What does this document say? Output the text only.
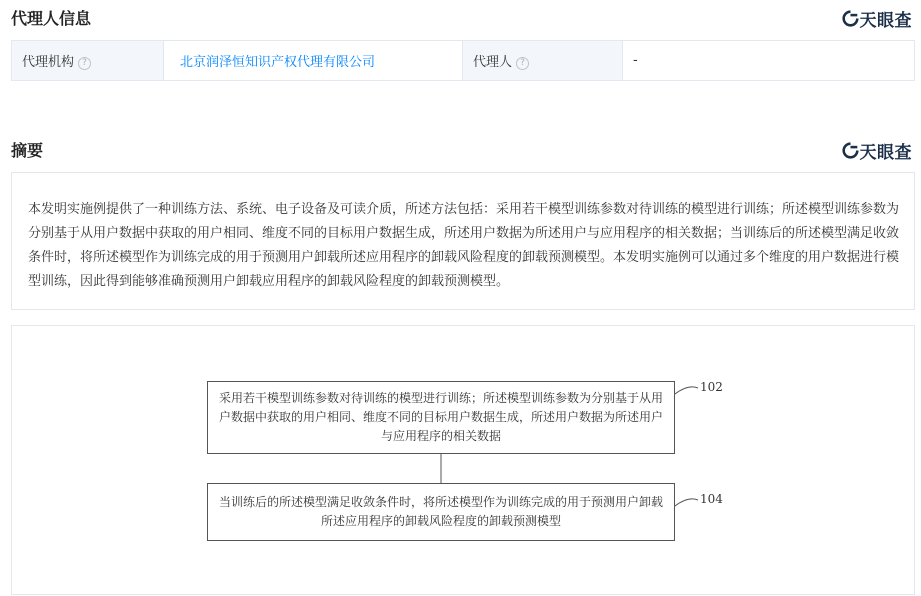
代理人信息	天眼查
代理机构 ?	北京润泽恒知识产权代理有限公司	代理人 ?	-
摘要	天眼查
本发明实施例提供了一种训练方法、系统、电子设备及可读介质，所述方法包括：采用若干模型训练参数对待训练的模型进行训练；所述模型训练参数为分别基于从用户数据中获取的用户相同、维度不同的目标用户数据生成，所述用户数据为所述用户与应用程序的相关数据；当训练后的所述模型满足收敛条件时，将所述模型作为训练完成的用于预测用户卸载所述应用程序的卸载风险程度的卸载预测模型。本发明实施例可以通过多个维度的用户数据进行模型训练，因此得到能够准确预测用户卸载应用程序的卸载风险程度的卸载预测模型。
采用若干模型训练参数对待训练的模型进行训练；所述模型训练参数为分别基于从用户数据中获取的用户相同、维度不同的目标用户数据生成，所述用户数据为所述用户与应用程序的相关数据
102
当训练后的所述模型满足收敛条件时，将所述模型作为训练完成的用于预测用户卸载所述应用程序的卸载风险程度的卸载预测模型
104
